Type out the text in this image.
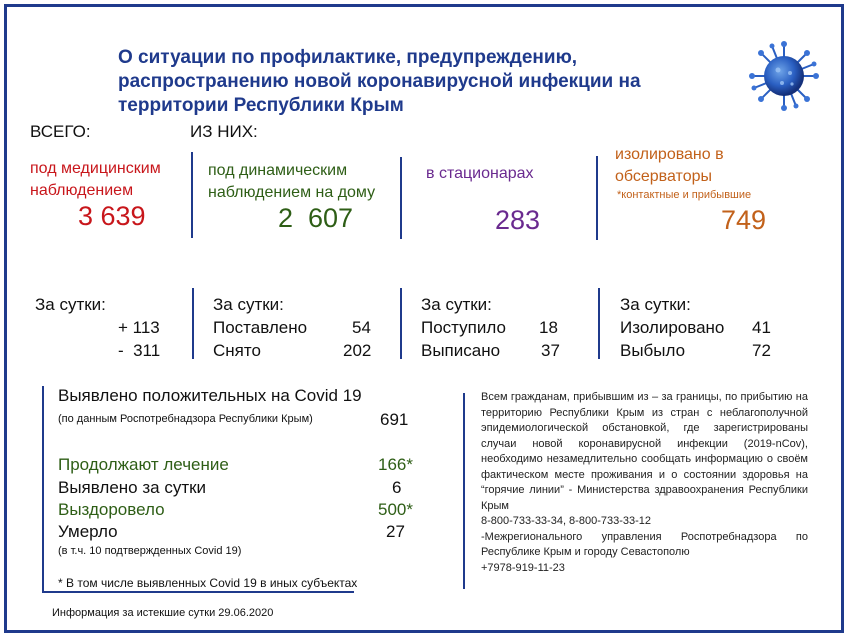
О ситуации по профилактике, предупреждению, распространению новой коронавирусной инфекции на территории Республики Крым
ВСЕГО:	ИЗ НИХ:
под медицинским наблюдением
3 639
под динамическим наблюдением на дому
2  607
в стационарах
283
изолировано в обсерваторы
*контактные и прибывшие
749
За сутки:
+ 113
-  311
За сутки:
Поставлено	54
Снято	202
За сутки:
Поступило 18
Выписано 37
За сутки:
Изолировано 41
Выбыло	72
Выявлено положительных на Covid 19
(по данным Роспотребнадзора Республики Крым)	691
Продолжают лечение	166*
Выявлено за сутки	6
Выздоровело	500*
Умерло	27
(в т.ч. 10 подтвержденных Covid 19)
* В том числе выявленных Covid 19 в иных субъектах
Информация за истекшие сутки 29.06.2020
Всем гражданам, прибывшим из – за границы, по прибытию на территорию Республики Крым из стран с неблагополучной эпидемиологической обстановкой, где зарегистрированы случаи новой коронавирусной инфекции (2019-nCov), необходимо незамедлительно сообщать информацию о своём фактическом месте проживания и о состоянии здоровья на “горячие линии” - Министерства здравоохранения Республики Крым
8-800-733-33-34, 8-800-733-33-12
-Межрегионального управления Роспотребнадзора по Республике Крым и городу Севастополю
+7978-919-11-23
